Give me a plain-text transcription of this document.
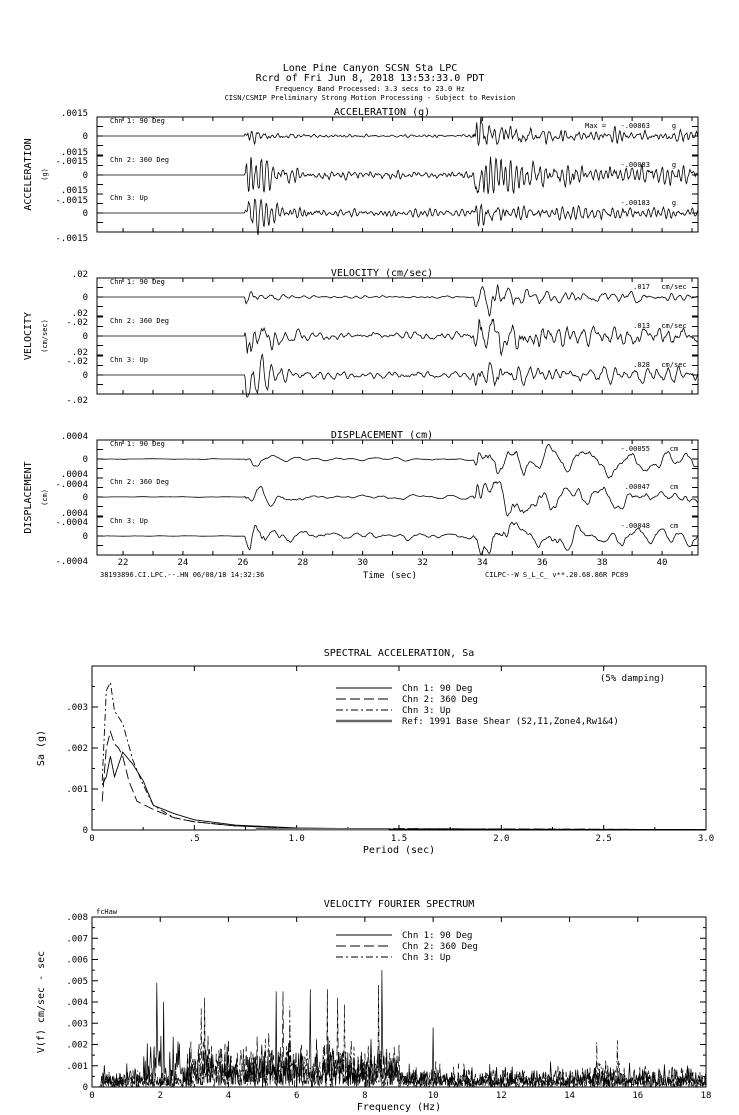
Lone Pine Canyon SCSN Sta LPC
Rcrd of Fri Jun 8, 2018 13:53:33.0 PDT
Frequency Band Processed: 3.3 secs to 23.0 Hz
CISN/CSMIP Preliminary Strong Motion Processing - Subject to Revision
ACCELERATION (g)
ACCELERATION (g)
.0015
0
-.0015
Chn 1: 90 Deg
-.00063	g
Max =
.0015
0
-.0015
Chn 2: 360 Deg
-.00083	g
.0015
0
-.0015
Chn 3: Up
-.00183	g
VELOCITY (cm/sec)
VELOCITY (cm/sec)
.02
0
-.02
Chn 1: 90 Deg
.017 cm/sec
.02
0
-.02
Chn 2: 360 Deg
.013 cm/sec
.02
0
-.02
Chn 3: Up
.028 cm/sec
DISPLACEMENT (cm)
DISPLACEMENT (cm)
.0004
0
-.0004
Chn 1: 90 Deg
-.00055	cm
.0004
0
-.0004
Chn 2: 360 Deg
.00047	cm
.0004
0
-.0004
Chn 3: Up
-.00048	cm
22	24	26	28	30	32	34	36	38	40
Time (sec)
38193896.CI.LPC.--.HN 06/08/18 14:32:36	CILPC--W S_L_C_ v**.20.68.86R PC89
SPECTRAL ACCELERATION, Sa
0	.5	1.0	1.5	2.0	2.5	3.0
0
.001
.002
.003
Period (sec)
Sa (g)
Chn 1: 90 Deg
Chn 2: 360 Deg
Chn 3: Up
Ref: 1991 Base Shear (S2,I1,Zone4,Rw1&4)
(5% damping)
VELOCITY FOURIER SPECTRUM
0	2	4	6	8	10	12	14	16	18
0
.001
.002
.003
.004
.005
.006
.007
.008
Frequency (Hz)
V(f) cm/sec - sec
Chn 1: 90 Deg
Chn 2: 360 Deg
Chn 3: Up
fcHaw
